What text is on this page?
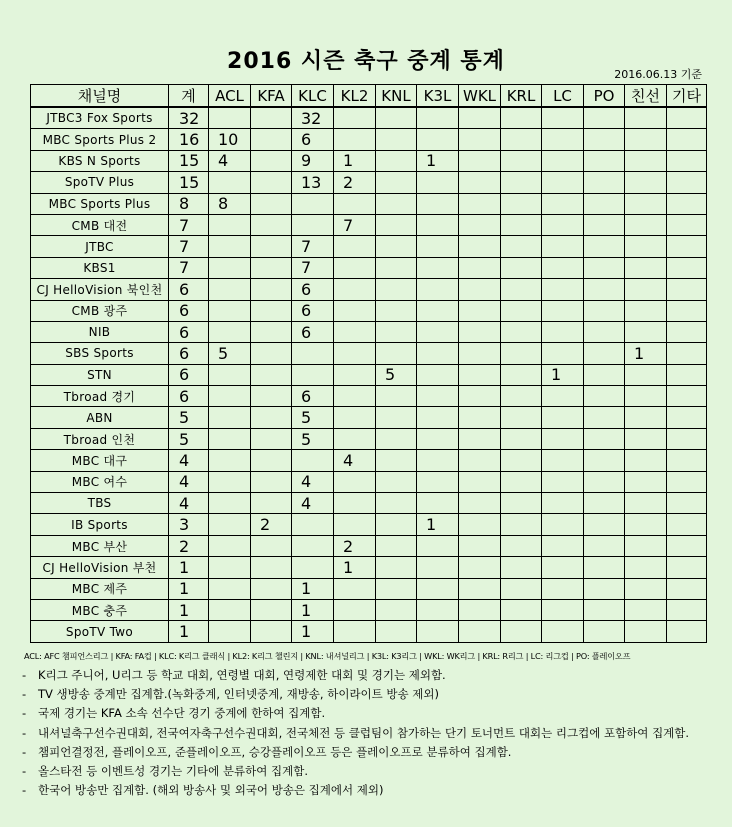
2016 시즌 축구 중계 통계
2016.06.13 기준
채널명	계	ACL	KFA	KLC	KL2	KNL	K3L	WKL	KRL	LC	PO	친선	기타
JTBC3 Fox Sports	32			32									
MBC Sports Plus 2	16	10		6									
KBS N Sports	15	4		9	1		1						
SpoTV Plus	15			13	2								
MBC Sports Plus	8	8											
CMB 대전	7				7								
JTBC	7			7									
KBS1	7			7									
CJ HelloVision 북인천	6			6									
CMB 광주	6			6									
NIB	6			6									
SBS Sports	6	5										1	
STN	6					5				1			
Tbroad 경기	6			6									
ABN	5			5									
Tbroad 인천	5			5									
MBC 대구	4				4								
MBC 여수	4			4									
TBS	4			4									
IB Sports	3		2				1						
MBC 부산	2				2								
CJ HelloVision 부천	1				1								
MBC 제주	1			1									
MBC 충주	1			1									
SpoTV Two	1			1									
ACL: AFC 챔피언스리그 | KFA: FA컵 | KLC: K리그 클래식 | KL2: K리그 챌린지 | KNL: 내셔널리그 | K3L: K3리그 | WKL: WK리그 | KRL: R리그 | LC: 리그컵 | PO: 플레이오프
- K리그 주니어, U리그 등 학교 대회, 연령별 대회, 연령제한 대회 및 경기는 제외함.
- TV 생방송 중계만 집계함.(녹화중계, 인터넷중계, 재방송, 하이라이트 방송 제외)
- 국제 경기는 KFA 소속 선수단 경기 중계에 한하여 집계함.
- 내셔널축구선수권대회, 전국여자축구선수권대회, 전국체전 등 클럽팀이 참가하는 단기 토너먼트 대회는 리그컵에 포함하여 집계함.
- 챔피언결정전, 플레이오프, 준플레이오프, 승강플레이오프 등은 플레이오프로 분류하여 집계함.
- 올스타전 등 이벤트성 경기는 기타에 분류하여 집계함.
- 한국어 방송만 집계함. (해외 방송사 및 외국어 방송은 집계에서 제외)
